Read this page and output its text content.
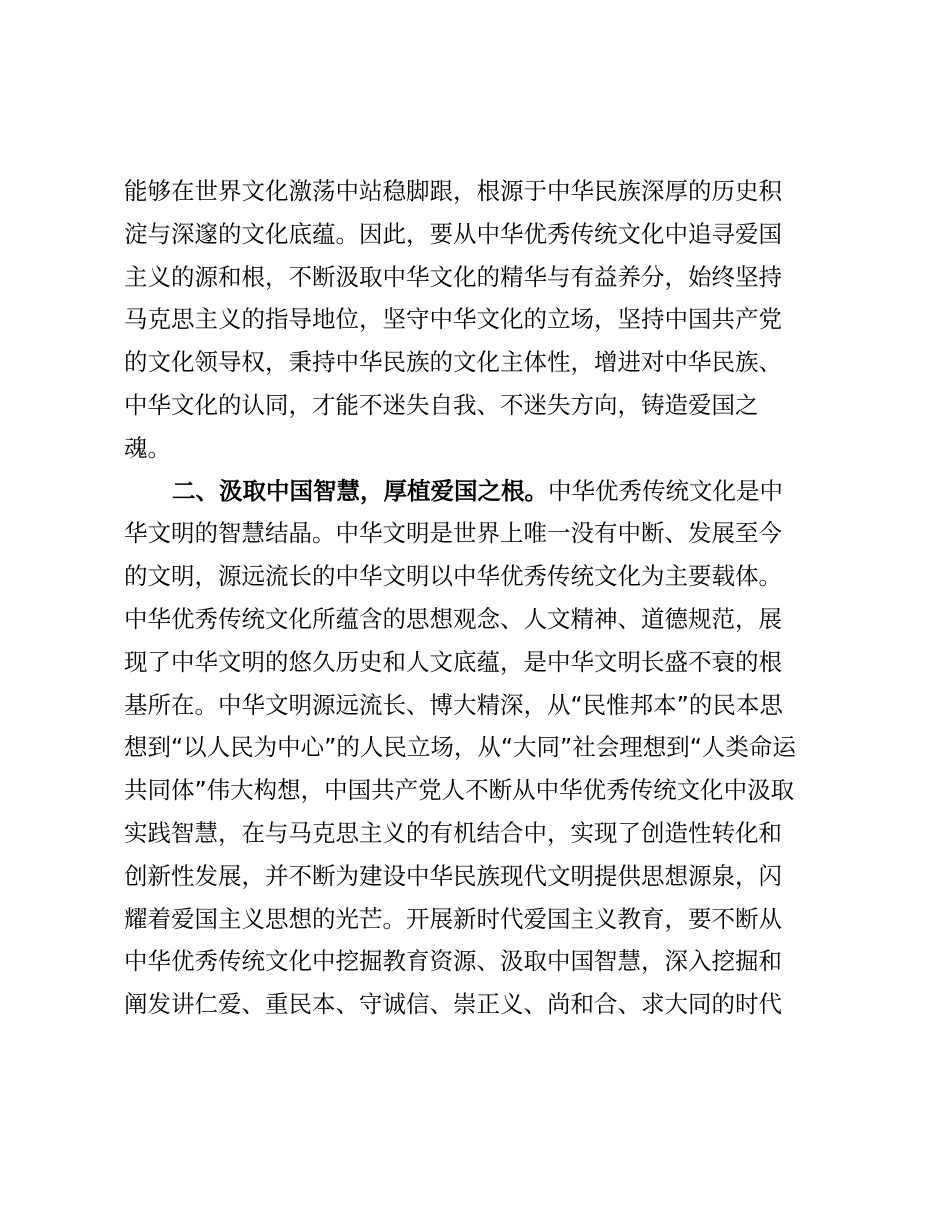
能够在世界文化激荡中站稳脚跟，根源于中华民族深厚的历史积
淀与深邃的文化底蕴。因此，要从中华优秀传统文化中追寻爱国
主义的源和根，不断汲取中华文化的精华与有益养分，始终坚持
马克思主义的指导地位，坚守中华文化的立场，坚持中国共产党
的文化领导权，秉持中华民族的文化主体性，增进对中华民族、
中华文化的认同，才能不迷失自我、不迷失方向，铸造爱国之
魂。
二、汲取中国智慧，厚植爱国之根。中华优秀传统文化是中
华文明的智慧结晶。中华文明是世界上唯一没有中断、发展至今
的文明，源远流长的中华文明以中华优秀传统文化为主要载体。
中华优秀传统文化所蕴含的思想观念、人文精神、道德规范，展
现了中华文明的悠久历史和人文底蕴，是中华文明长盛不衰的根
基所在。中华文明源远流长、博大精深，从“民惟邦本”的民本思
想到“以人民为中心”的人民立场，从“大同”社会理想到“人类命运
共同体”伟大构想，中国共产党人不断从中华优秀传统文化中汲取
实践智慧，在与马克思主义的有机结合中，实现了创造性转化和
创新性发展，并不断为建设中华民族现代文明提供思想源泉，闪
耀着爱国主义思想的光芒。开展新时代爱国主义教育，要不断从
中华优秀传统文化中挖掘教育资源、汲取中国智慧，深入挖掘和
阐发讲仁爱、重民本、守诚信、崇正义、尚和合、求大同的时代
